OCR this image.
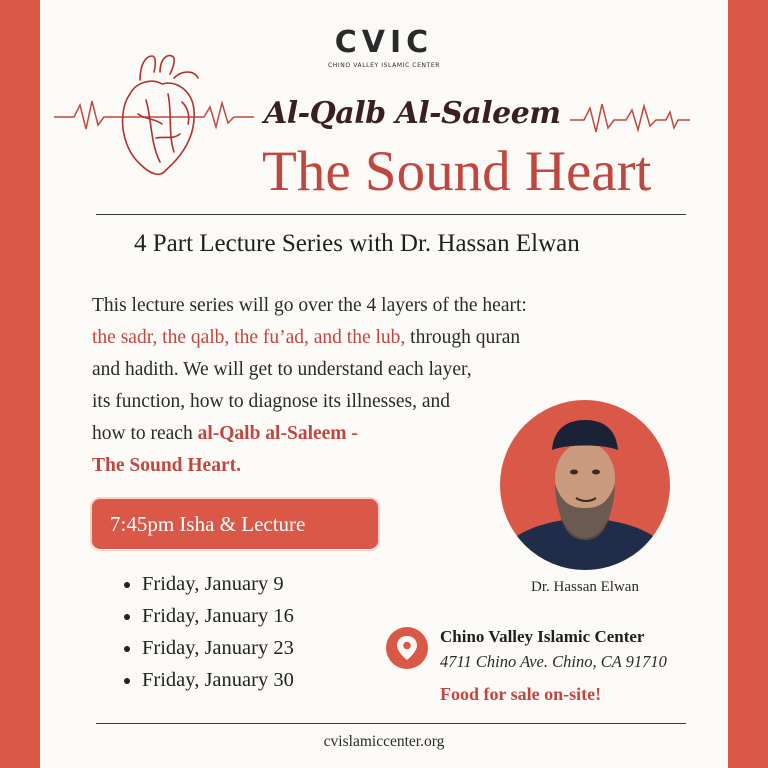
CVIC
CHINO VALLEY ISLAMIC CENTER
Al-Qalb Al-Saleem
The Sound Heart
4 Part Lecture Series with Dr. Hassan Elwan
This lecture series will go over the 4 layers of the heart:
the sadr, the qalb, the fu’ad, and the lub, through quran
and hadith. We will get to understand each layer,
its function, how to diagnose its illnesses, and
how to reach al-Qalb al-Saleem -
The Sound Heart.
7:45pm Isha & Lecture
• Friday, January 9
• Friday, January 16
• Friday, January 23
• Friday, January 30
Dr. Hassan Elwan
Chino Valley Islamic Center
4711 Chino Ave. Chino, CA 91710
Food for sale on-site!
cvislamiccenter.org
